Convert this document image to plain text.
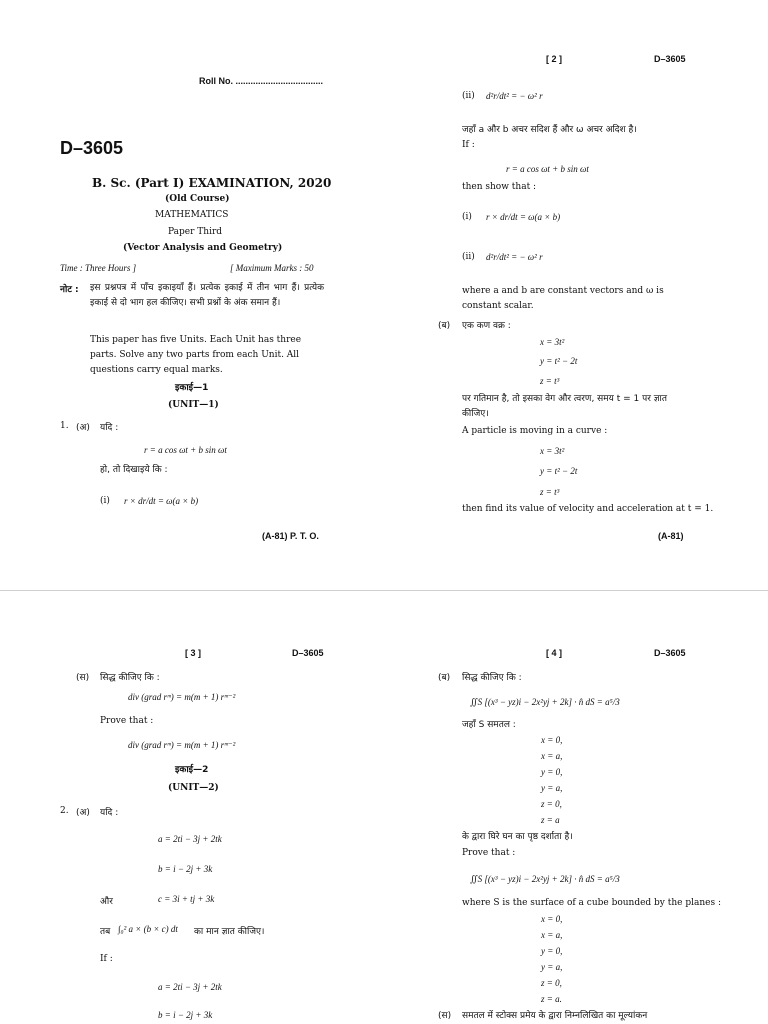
Roll No. ...................................
D–3605
B. Sc. (Part I) EXAMINATION, 2020
(Old Course)
MATHEMATICS
Paper Third
(Vector Analysis and Geometry)
Time : Three Hours ]	[ Maximum Marks : 50
नोट : इस प्रश्नपत्र में पाँच इकाइयाँ हैं। प्रत्येक इकाई में तीन भाग हैं। प्रत्येक इकाई से दो भाग हल कीजिए। सभी प्रश्नों के अंक समान हैं।
This paper has five Units. Each Unit has three parts. Solve any two parts from each Unit. All questions carry equal marks.
इकाई—1
(UNIT—1)
1. (अ) यदि :
r = a cos ωt + b sin ωt
हो, तो दिखाइये कि :
(i) r × dr/dt = ω(a × b)
(A-81) P. T. O.
[ 2 ]	D–3605
(ii) d²r/dt² = − ω² r
जहाँ a और b अचर सदिश हैं और ω अचर अदिश है।
If :
r = a cos ωt + b sin ωt
then show that :
(i) r × dr/dt = ω(a × b)
(ii) d²r/dt² = − ω² r
where a and b are constant vectors and ω is constant scalar.
(ब) एक कण वक्र :
x = 3t²
y = t² − 2t
z = t³
पर गतिमान है, तो इसका वेग और त्वरण, समय t = 1 पर ज्ञात कीजिए।
A particle is moving in a curve :
x = 3t²
y = t² − 2t
z = t³
then find its value of velocity and acceleration at t = 1.
(A-81)
[ 3 ]	D–3605
(स) सिद्ध कीजिए कि :
div (grad rᵐ) = m(m + 1) rᵐ⁻²
Prove that :
div (grad rᵐ) = m(m + 1) rᵐ⁻²
इकाई—2
(UNIT—2)
2. (अ) यदि :
a = 2ti − 3j + 2tk
b = i − 2j + 3k
और	c = 3i + tj + 3k
तब ∫₀² a × (b × c) dt का मान ज्ञात कीजिए।
If :
a = 2ti − 3j + 2tk
b = i − 2j + 3k
[ 4 ]	D–3605
(ब) सिद्ध कीजिए कि :
∬S [(x³ − yz)i − 2x²yj + 2k] · n̂ dS = a⁵/3
जहाँ S समतल :
x = 0,
x = a,
y = 0,
y = a,
z = 0,
z = a
के द्वारा घिरे घन का पृष्ठ दर्शाता है।
Prove that :
∬S [(x³ − yz)i − 2x²yj + 2k] · n̂ dS = a⁵/3
where S is the surface of a cube bounded by the planes :
x = 0,
x = a,
y = 0,
y = a,
z = 0,
z = a.
(स) समतल में स्टोक्स प्रमेय के द्वारा निम्नलिखित का मूल्यांकन
